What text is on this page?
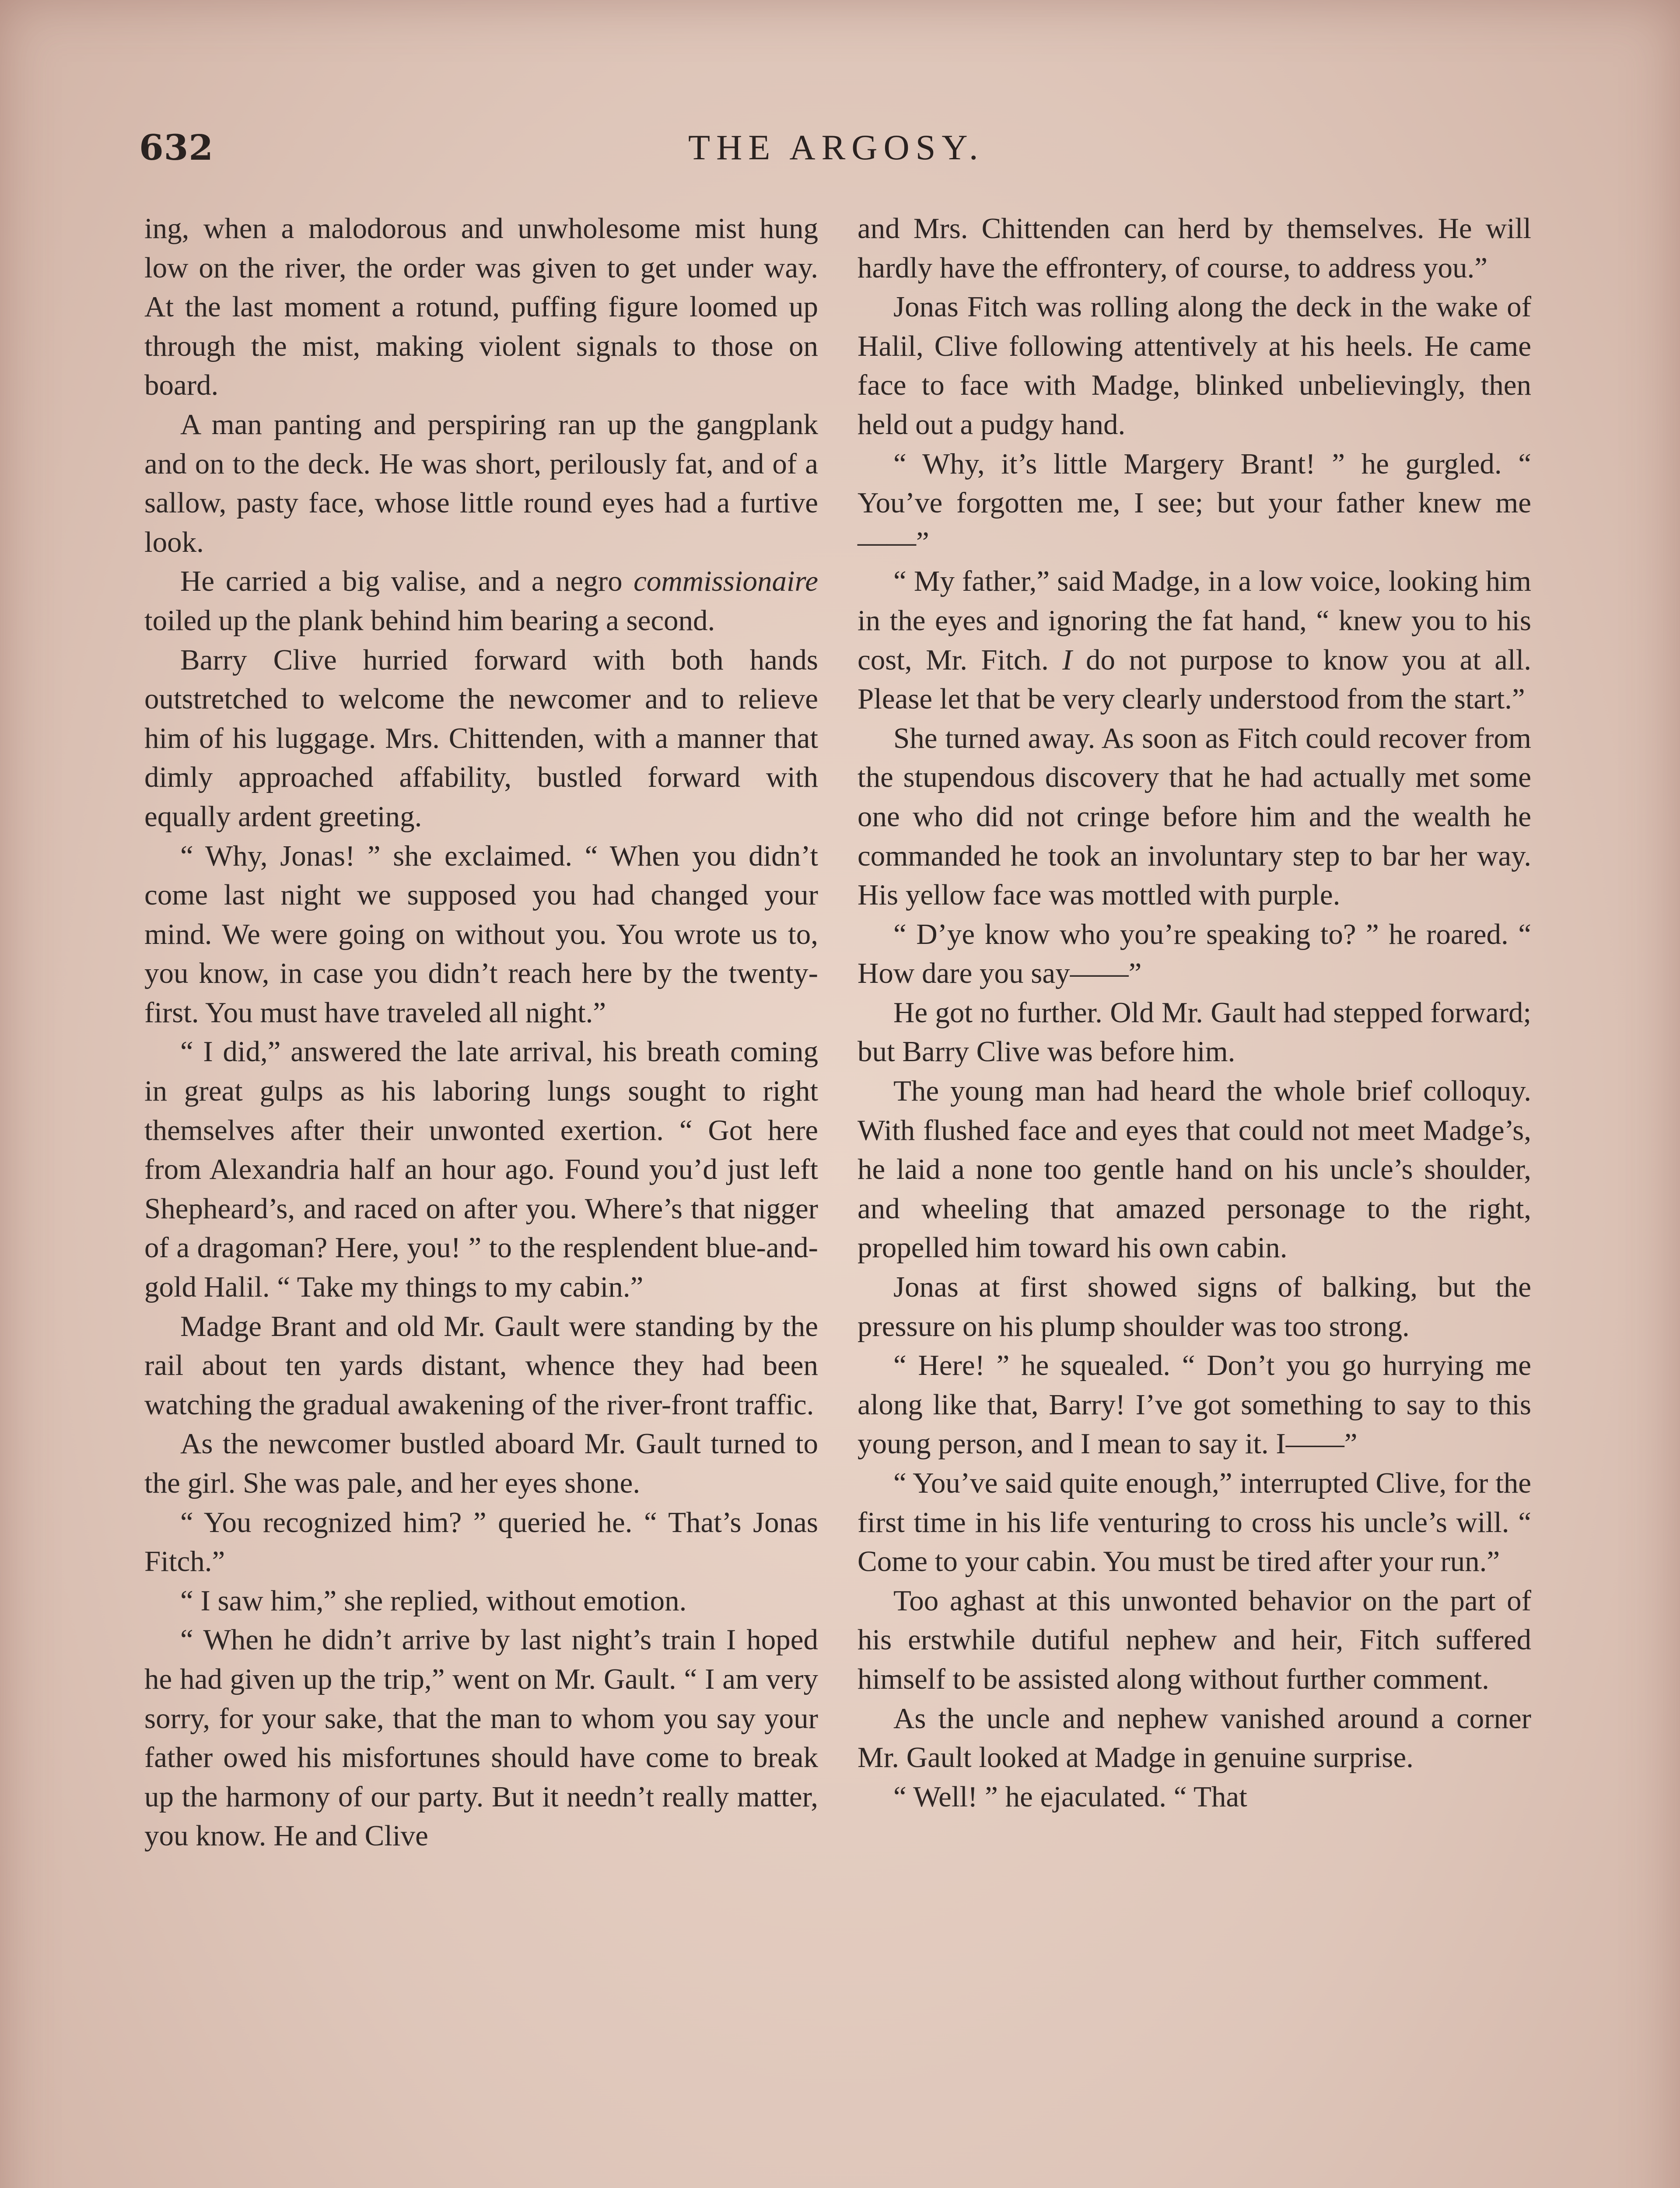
632	THE ARGOSY.

ing, when a malodorous and unwholesome mist hung low on the river, the order was given to get under way. At the last moment a rotund, puffing figure loomed up through the mist, making violent signals to those on board.

A man panting and perspiring ran up the gangplank and on to the deck. He was short, perilously fat, and of a sallow, pasty face, whose little round eyes had a furtive look.

He carried a big valise, and a negro commissionaire toiled up the plank behind him bearing a second.

Barry Clive hurried forward with both hands outstretched to welcome the newcomer and to relieve him of his luggage. Mrs. Chittenden, with a manner that dimly approached affability, bustled forward with equally ardent greeting.

“ Why, Jonas! ” she exclaimed. “ When you didn’t come last night we supposed you had changed your mind. We were going on without you. You wrote us to, you know, in case you didn’t reach here by the twenty-first. You must have traveled all night.”

“ I did,” answered the late arrival, his breath coming in great gulps as his laboring lungs sought to right themselves after their unwonted exertion. “ Got here from Alexandria half an hour ago. Found you’d just left Shepheard’s, and raced on after you. Where’s that nigger of a dragoman? Here, you! ” to the resplendent blue-and-gold Halil. “ Take my things to my cabin.”

Madge Brant and old Mr. Gault were standing by the rail about ten yards distant, whence they had been watching the gradual awakening of the river-front traffic.

As the newcomer bustled aboard Mr. Gault turned to the girl. She was pale, and her eyes shone.

“ You recognized him? ” queried he. “ That’s Jonas Fitch.”

“ I saw him,” she replied, without emotion.

“ When he didn’t arrive by last night’s train I hoped he had given up the trip,” went on Mr. Gault. “ I am very sorry, for your sake, that the man to whom you say your father owed his misfortunes should have come to break up the harmony of our party. But it needn’t really matter, you know. He and Clive

and Mrs. Chittenden can herd by themselves. He will hardly have the effrontery, of course, to address you.”

Jonas Fitch was rolling along the deck in the wake of Halil, Clive following attentively at his heels. He came face to face with Madge, blinked unbelievingly, then held out a pudgy hand.

“ Why, it’s little Margery Brant! ” he gurgled. “ You’ve forgotten me, I see; but your father knew me——”

“ My father,” said Madge, in a low voice, looking him in the eyes and ignoring the fat hand, “ knew you to his cost, Mr. Fitch. I do not purpose to know you at all. Please let that be very clearly understood from the start.”

She turned away. As soon as Fitch could recover from the stupendous discovery that he had actually met some one who did not cringe before him and the wealth he commanded he took an involuntary step to bar her way. His yellow face was mottled with purple.

“ D’ye know who you’re speaking to? ” he roared. “ How dare you say——”

He got no further. Old Mr. Gault had stepped forward; but Barry Clive was before him.

The young man had heard the whole brief colloquy. With flushed face and eyes that could not meet Madge’s, he laid a none too gentle hand on his uncle’s shoulder, and wheeling that amazed personage to the right, propelled him toward his own cabin.

Jonas at first showed signs of balking, but the pressure on his plump shoulder was too strong.

“ Here! ” he squealed. “ Don’t you go hurrying me along like that, Barry! I’ve got something to say to this young person, and I mean to say it. I——”

“ You’ve said quite enough,” interrupted Clive, for the first time in his life venturing to cross his uncle’s will. “ Come to your cabin. You must be tired after your run.”

Too aghast at this unwonted behavior on the part of his erstwhile dutiful nephew and heir, Fitch suffered himself to be assisted along without further comment.

As the uncle and nephew vanished around a corner Mr. Gault looked at Madge in genuine surprise.

“ Well! ” he ejaculated. “ That
